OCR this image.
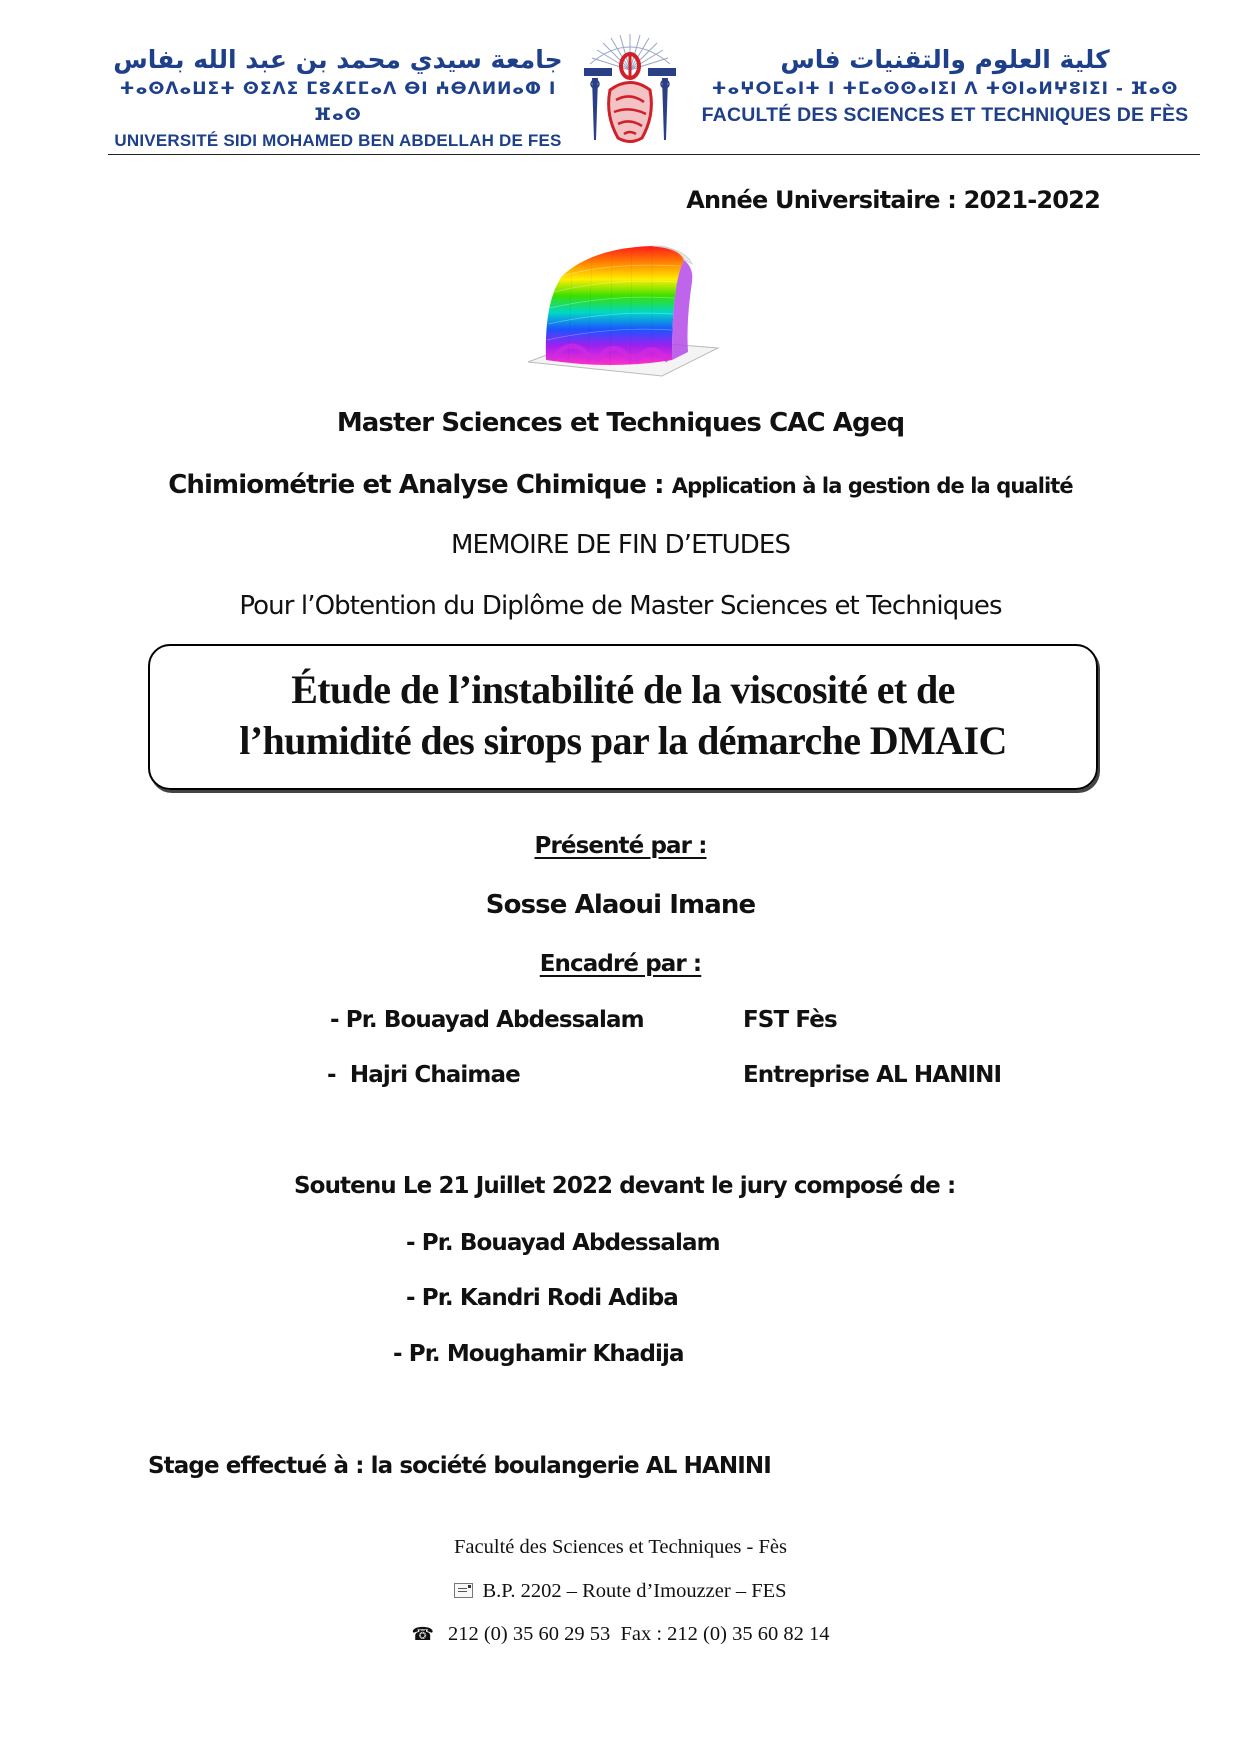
جامعة سيدي محمد بن عبد الله بفاس
ⵜⴰⵙⴷⴰⵡⵉⵜ ⵙⵉⴷⵉ ⵎⵓⵃⵎⵎⴰⴷ ⴱⵏ ⵄⴱⴷⵍⵍⴰⵀ ⵏ ⴼⴰⵙ
UNIVERSITÉ SIDI MOHAMED BEN ABDELLAH DE FES
كلية العلوم والتقنيات فاس
ⵜⴰⵖⵔⵎⴰⵏⵜ ⵏ ⵜⵎⴰⵙⵙⴰⵏⵉⵏ ⴷ ⵜⵙⵏⴰⵍⵖⵓⵏⵉⵏ - ⴼⴰⵙ
FACULTÉ DES SCIENCES ET TECHNIQUES DE FÈS
Année Universitaire : 2021-2022
Master Sciences et Techniques CAC Ageq
Chimiométrie et Analyse Chimique : Application à la gestion de la qualité
MEMOIRE DE FIN D’ETUDES
Pour l’Obtention du Diplôme de Master Sciences et Techniques
Étude de l’instabilité de la viscosité et de
l’humidité des sirops par la démarche DMAIC
Présenté par :
Sosse Alaoui Imane
Encadré par :
- Pr. Bouayad Abdessalam	FST Fès
-  Hajri Chaimae	Entreprise AL HANINI
Soutenu Le 21 Juillet 2022 devant le jury composé de :
- Pr. Bouayad Abdessalam
- Pr. Kandri Rodi Adiba
- Pr. Moughamir Khadija
Stage effectué à : la société boulangerie AL HANINI
Faculté des Sciences et Techniques - Fès
B.P. 2202 – Route d’Imouzzer – FES
☎ 212 (0) 35 60 29 53  Fax : 212 (0) 35 60 82 14
